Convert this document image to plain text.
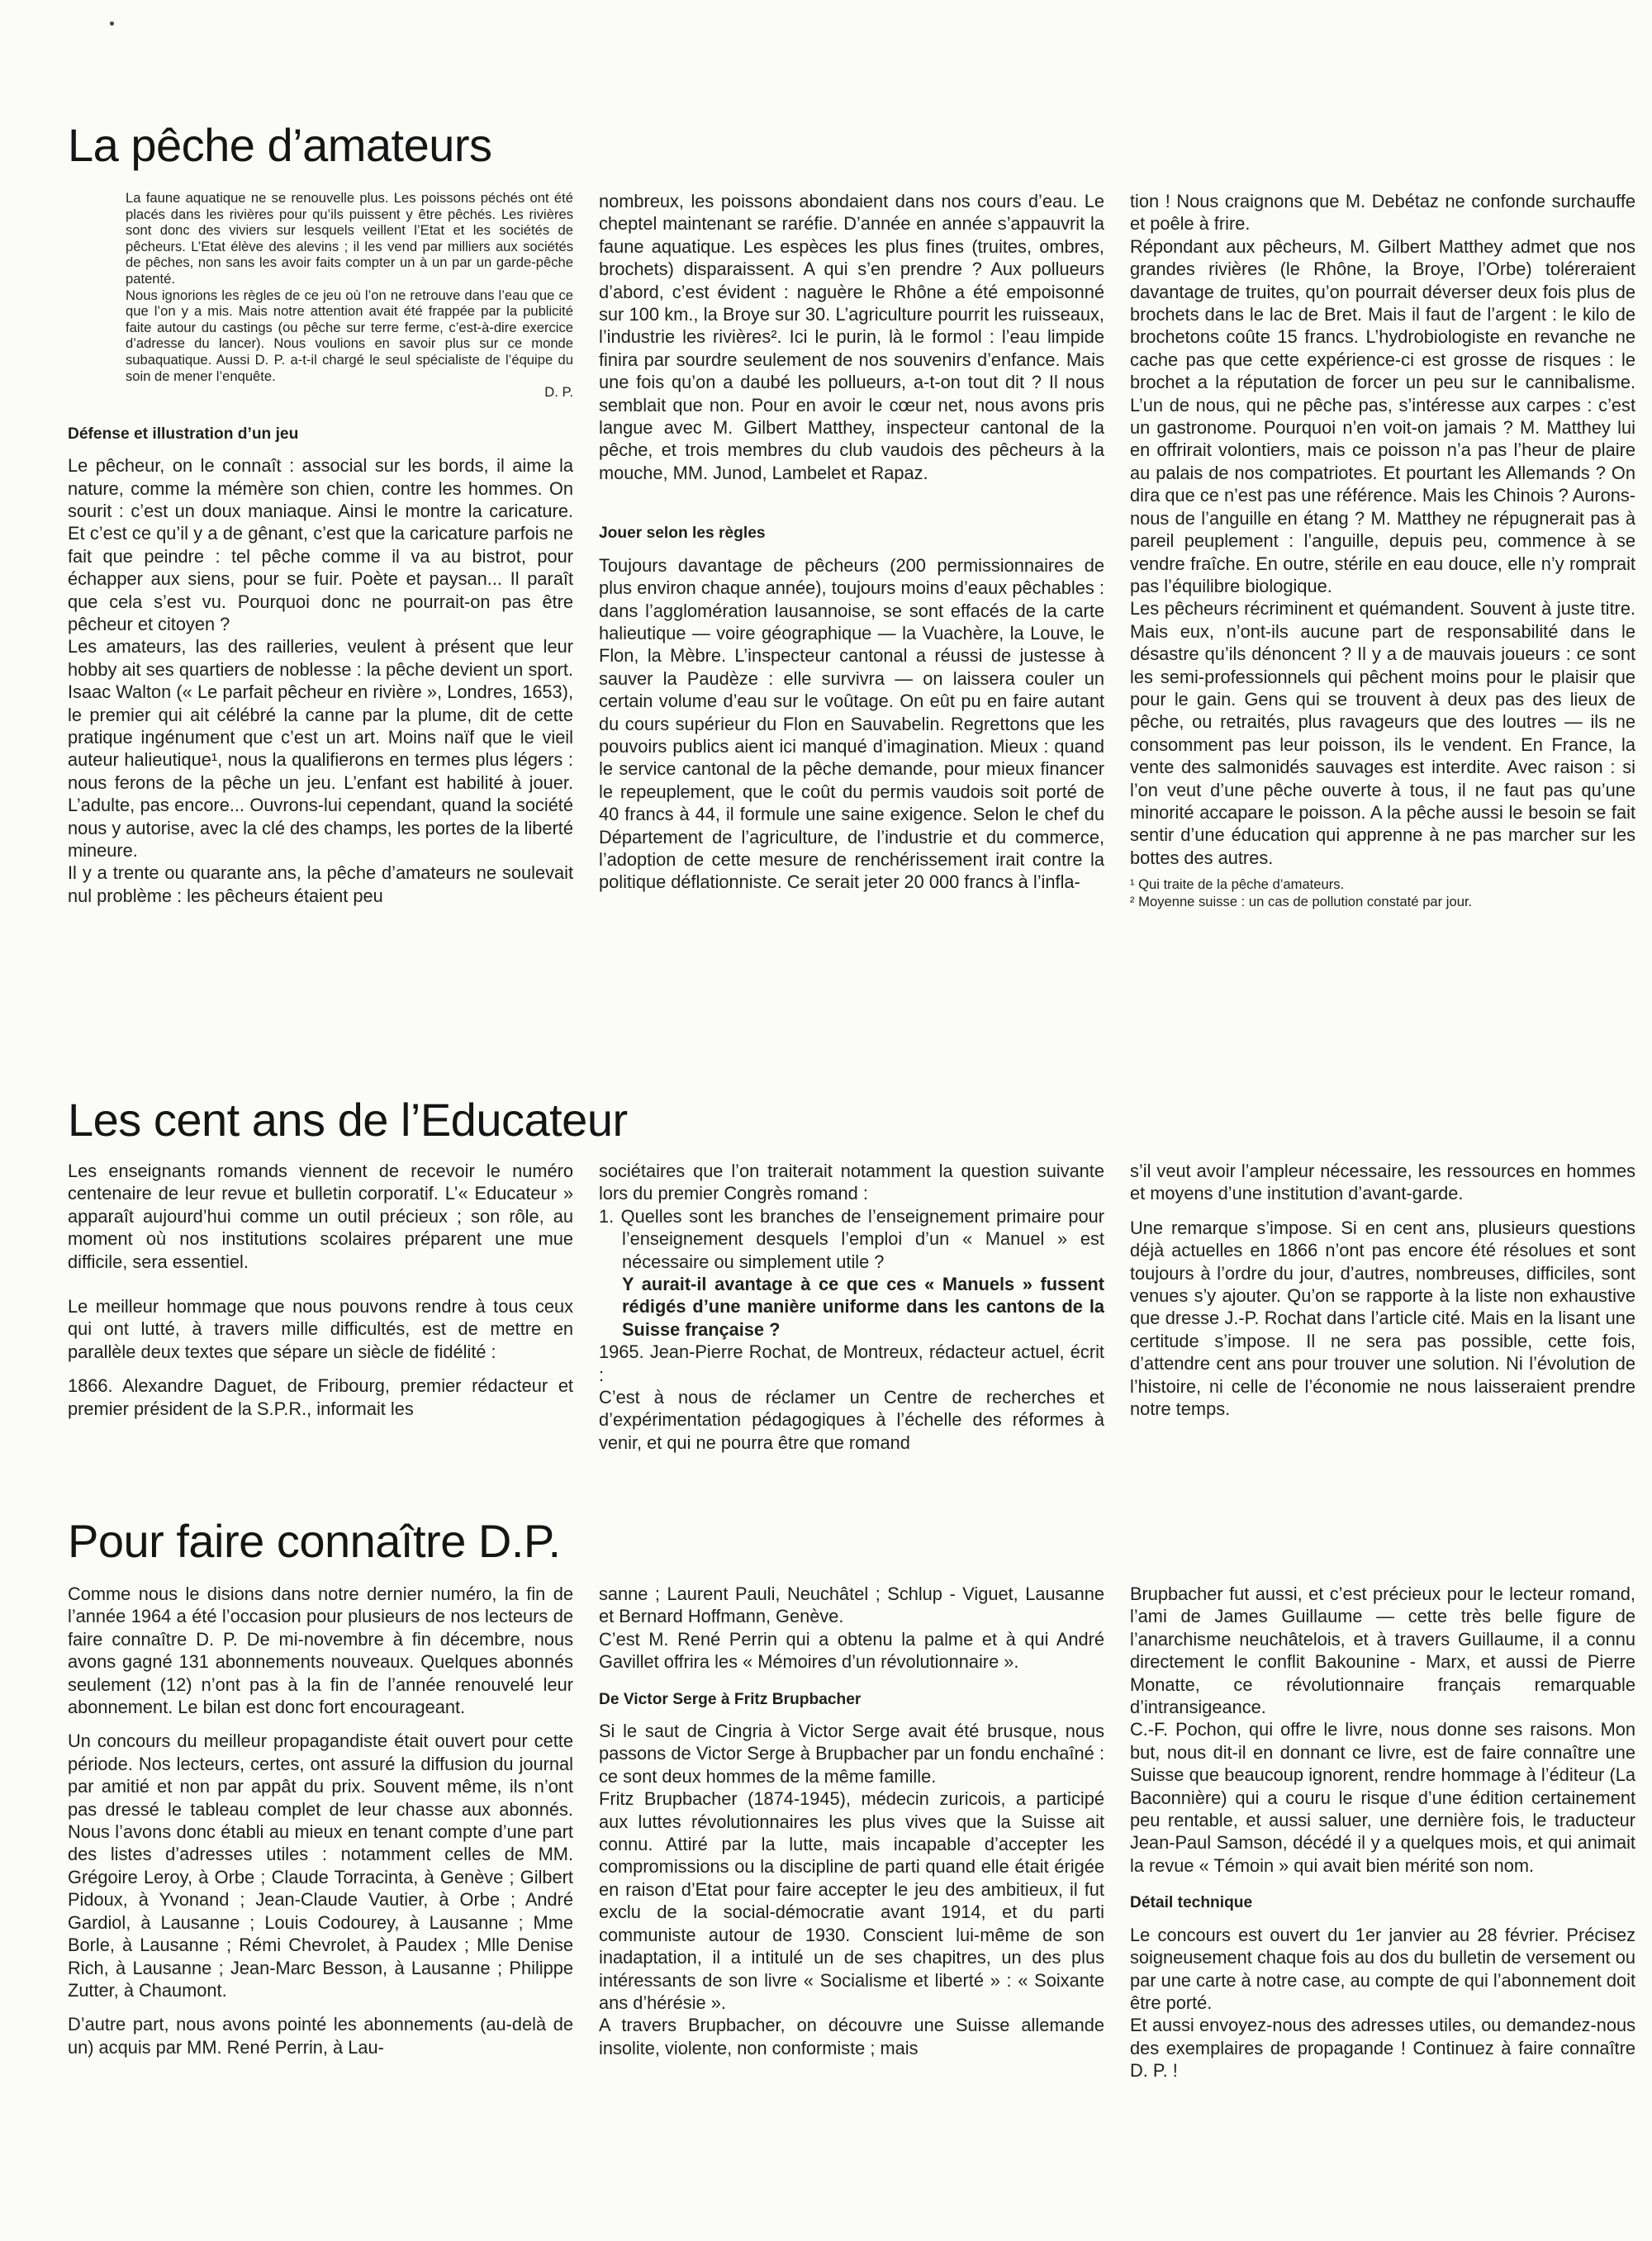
La pêche d’amateurs

La faune aquatique ne se renouvelle plus. Les poissons péchés ont été placés dans les rivières pour qu’ils puissent y être pêchés. Les rivières sont donc des viviers sur lesquels veillent l’Etat et les sociétés de pêcheurs. L’Etat élève des alevins ; il les vend par milliers aux sociétés de pêches, non sans les avoir faits compter un à un par un garde-pêche patenté.

Nous ignorions les règles de ce jeu où l’on ne retrouve dans l’eau que ce que l’on y a mis. Mais notre attention avait été frappée par la publicité faite autour du castings (ou pêche sur terre ferme, c’est-à-dire exercice d’adresse du lancer). Nous voulions en savoir plus sur ce monde subaquatique. Aussi D. P. a-t-il chargé le seul spécialiste de l’équipe du soin de mener l’enquête.

D. P.

Défense et illustration d’un jeu

Le pêcheur, on le connaît : associal sur les bords, il aime la nature, comme la mémère son chien, contre les hommes. On sourit : c’est un doux maniaque. Ainsi le montre la caricature. Et c’est ce qu’il y a de gênant, c’est que la caricature parfois ne fait que peindre : tel pêche comme il va au bistrot, pour échapper aux siens, pour se fuir. Poète et paysan... Il paraît que cela s’est vu. Pourquoi donc ne pourrait-on pas être pêcheur et citoyen ?

Les amateurs, las des railleries, veulent à présent que leur hobby ait ses quartiers de noblesse : la pêche devient un sport. Isaac Walton (« Le parfait pêcheur en rivière », Londres, 1653), le premier qui ait célébré la canne par la plume, dit de cette pratique ingénument que c’est un art. Moins naïf que le vieil auteur halieutique¹, nous la qualifierons en termes plus légers : nous ferons de la pêche un jeu. L’enfant est habilité à jouer. L’adulte, pas encore... Ouvrons-lui cependant, quand la société nous y autorise, avec la clé des champs, les portes de la liberté mineure.

Il y a trente ou quarante ans, la pêche d’amateurs ne soulevait nul problème : les pêcheurs étaient peu

nombreux, les poissons abondaient dans nos cours d’eau. Le cheptel maintenant se raréfie. D’année en année s’appauvrit la faune aquatique. Les espèces les plus fines (truites, ombres, brochets) disparaissent. A qui s’en prendre ? Aux pollueurs d’abord, c’est évident : naguère le Rhône a été empoisonné sur 100 km., la Broye sur 30. L’agriculture pourrit les ruisseaux, l’industrie les rivières². Ici le purin, là le formol : l’eau limpide finira par sourdre seulement de nos souvenirs d’enfance. Mais une fois qu’on a daubé les pollueurs, a-t-on tout dit ? Il nous semblait que non. Pour en avoir le cœur net, nous avons pris langue avec M. Gilbert Matthey, inspecteur cantonal de la pêche, et trois membres du club vaudois des pêcheurs à la mouche, MM. Junod, Lambelet et Rapaz.

Jouer selon les règles

Toujours davantage de pêcheurs (200 permissionnaires de plus environ chaque année), toujours moins d’eaux pêchables : dans l’agglomération lausannoise, se sont effacés de la carte halieutique — voire géographique — la Vuachère, la Louve, le Flon, la Mèbre. L’inspecteur cantonal a réussi de justesse à sauver la Paudèze : elle survivra — on laissera couler un certain volume d’eau sur le voûtage. On eût pu en faire autant du cours supérieur du Flon en Sauvabelin. Regrettons que les pouvoirs publics aient ici manqué d’imagination. Mieux : quand le service cantonal de la pêche demande, pour mieux financer le repeuplement, que le coût du permis vaudois soit porté de 40 francs à 44, il formule une saine exigence. Selon le chef du Département de l’agriculture, de l’industrie et du commerce, l’adoption de cette mesure de renchérissement irait contre la politique déflationniste. Ce serait jeter 20 000 francs à l’infla-

tion ! Nous craignons que M. Debétaz ne confonde surchauffe et poêle à frire.

Répondant aux pêcheurs, M. Gilbert Matthey admet que nos grandes rivières (le Rhône, la Broye, l’Orbe) toléreraient davantage de truites, qu’on pourrait déverser deux fois plus de brochets dans le lac de Bret. Mais il faut de l’argent : le kilo de brochetons coûte 15 francs. L’hydrobiologiste en revanche ne cache pas que cette expérience-ci est grosse de risques : le brochet a la réputation de forcer un peu sur le cannibalisme. L’un de nous, qui ne pêche pas, s’intéresse aux carpes : c’est un gastronome. Pourquoi n’en voit-on jamais ? M. Matthey lui en offrirait volontiers, mais ce poisson n’a pas l’heur de plaire au palais de nos compatriotes. Et pourtant les Allemands ? On dira que ce n’est pas une référence. Mais les Chinois ? Aurons-nous de l’anguille en étang ? M. Matthey ne répugnerait pas à pareil peuplement : l’anguille, depuis peu, commence à se vendre fraîche. En outre, stérile en eau douce, elle n’y romprait pas l’équilibre biologique.

Les pêcheurs récriminent et quémandent. Souvent à juste titre. Mais eux, n’ont-ils aucune part de responsabilité dans le désastre qu’ils dénoncent ? Il y a de mauvais joueurs : ce sont les semi-professionnels qui pêchent moins pour le plaisir que pour le gain. Gens qui se trouvent à deux pas des lieux de pêche, ou retraités, plus ravageurs que des loutres — ils ne consomment pas leur poisson, ils le vendent. En France, la vente des salmonidés sauvages est interdite. Avec raison : si l’on veut d’une pêche ouverte à tous, il ne faut pas qu’une minorité accapare le poisson. A la pêche aussi le besoin se fait sentir d’une éducation qui apprenne à ne pas marcher sur les bottes des autres.

¹ Qui traite de la pêche d’amateurs.

² Moyenne suisse : un cas de pollution constaté par jour.

Les cent ans de l’Educateur

Les enseignants romands viennent de recevoir le numéro centenaire de leur revue et bulletin corporatif. L’« Educateur » apparaît aujourd’hui comme un outil précieux ; son rôle, au moment où nos institutions scolaires préparent une mue difficile, sera essentiel.

Le meilleur hommage que nous pouvons rendre à tous ceux qui ont lutté, à travers mille difficultés, est de mettre en parallèle deux textes que sépare un siècle de fidélité :

1866. Alexandre Daguet, de Fribourg, premier rédacteur et premier président de la S.P.R., informait les

sociétaires que l’on traiterait notamment la question suivante lors du premier Congrès romand :

1. Quelles sont les branches de l’enseignement primaire pour l’enseignement desquels l’emploi d’un « Manuel » est nécessaire ou simplement utile ?

Y aurait-il avantage à ce que ces « Manuels » fussent rédigés d’une manière uniforme dans les cantons de la Suisse française ?

1965. Jean-Pierre Rochat, de Montreux, rédacteur actuel, écrit :

C’est à nous de réclamer un Centre de recherches et d’expérimentation pédagogiques à l’échelle des réformes à venir, et qui ne pourra être que romand

s’il veut avoir l’ampleur nécessaire, les ressources en hommes et moyens d’une institution d’avant-garde.

Une remarque s’impose. Si en cent ans, plusieurs questions déjà actuelles en 1866 n’ont pas encore été résolues et sont toujours à l’ordre du jour, d’autres, nombreuses, difficiles, sont venues s’y ajouter. Qu’on se rapporte à la liste non exhaustive que dresse J.-P. Rochat dans l’article cité. Mais en la lisant une certitude s’impose. Il ne sera pas possible, cette fois, d’attendre cent ans pour trouver une solution. Ni l’évolution de l’histoire, ni celle de l’économie ne nous laisseraient prendre notre temps.

Pour faire connaître D.P.

Comme nous le disions dans notre dernier numéro, la fin de l’année 1964 a été l’occasion pour plusieurs de nos lecteurs de faire connaître D. P. De mi-novembre à fin décembre, nous avons gagné 131 abonnements nouveaux. Quelques abonnés seulement (12) n’ont pas à la fin de l’année renouvelé leur abonnement. Le bilan est donc fort encourageant.

Un concours du meilleur propagandiste était ouvert pour cette période. Nos lecteurs, certes, ont assuré la diffusion du journal par amitié et non par appât du prix. Souvent même, ils n’ont pas dressé le tableau complet de leur chasse aux abonnés. Nous l’avons donc établi au mieux en tenant compte d’une part des listes d’adresses utiles : notamment celles de MM. Grégoire Leroy, à Orbe ; Claude Torracinta, à Genève ; Gilbert Pidoux, à Yvonand ; Jean-Claude Vautier, à Orbe ; André Gardiol, à Lausanne ; Louis Codourey, à Lausanne ; Mme Borle, à Lausanne ; Rémi Chevrolet, à Paudex ; Mlle Denise Rich, à Lausanne ; Jean-Marc Besson, à Lausanne ; Philippe Zutter, à Chaumont.

D’autre part, nous avons pointé les abonnements (au-delà de un) acquis par MM. René Perrin, à Lau-

sanne ; Laurent Pauli, Neuchâtel ; Schlup - Viguet, Lausanne et Bernard Hoffmann, Genève.

C’est M. René Perrin qui a obtenu la palme et à qui André Gavillet offrira les « Mémoires d’un révolutionnaire ».

De Victor Serge à Fritz Brupbacher

Si le saut de Cingria à Victor Serge avait été brusque, nous passons de Victor Serge à Brupbacher par un fondu enchaîné : ce sont deux hommes de la même famille.

Fritz Brupbacher (1874-1945), médecin zuricois, a participé aux luttes révolutionnaires les plus vives que la Suisse ait connu. Attiré par la lutte, mais incapable d’accepter les compromissions ou la discipline de parti quand elle était érigée en raison d’Etat pour faire accepter le jeu des ambitieux, il fut exclu de la social-démocratie avant 1914, et du parti communiste autour de 1930. Conscient lui-même de son inadaptation, il a intitulé un de ses chapitres, un des plus intéressants de son livre « Socialisme et liberté » : « Soixante ans d’hérésie ».

A travers Brupbacher, on découvre une Suisse allemande insolite, violente, non conformiste ; mais

Brupbacher fut aussi, et c’est précieux pour le lecteur romand, l’ami de James Guillaume — cette très belle figure de l’anarchisme neuchâtelois, et à travers Guillaume, il a connu directement le conflit Bakounine - Marx, et aussi de Pierre Monatte, ce révolutionnaire français remarquable d’intransigeance.

C.-F. Pochon, qui offre le livre, nous donne ses raisons. Mon but, nous dit-il en donnant ce livre, est de faire connaître une Suisse que beaucoup ignorent, rendre hommage à l’éditeur (La Baconnière) qui a couru le risque d’une édition certainement peu rentable, et aussi saluer, une dernière fois, le traducteur Jean-Paul Samson, décédé il y a quelques mois, et qui animait la revue « Témoin » qui avait bien mérité son nom.

Détail technique

Le concours est ouvert du 1er janvier au 28 février. Précisez soigneusement chaque fois au dos du bulletin de versement ou par une carte à notre case, au compte de qui l’abonnement doit être porté.

Et aussi envoyez-nous des adresses utiles, ou demandez-nous des exemplaires de propagande ! Continuez à faire connaître D. P. !
